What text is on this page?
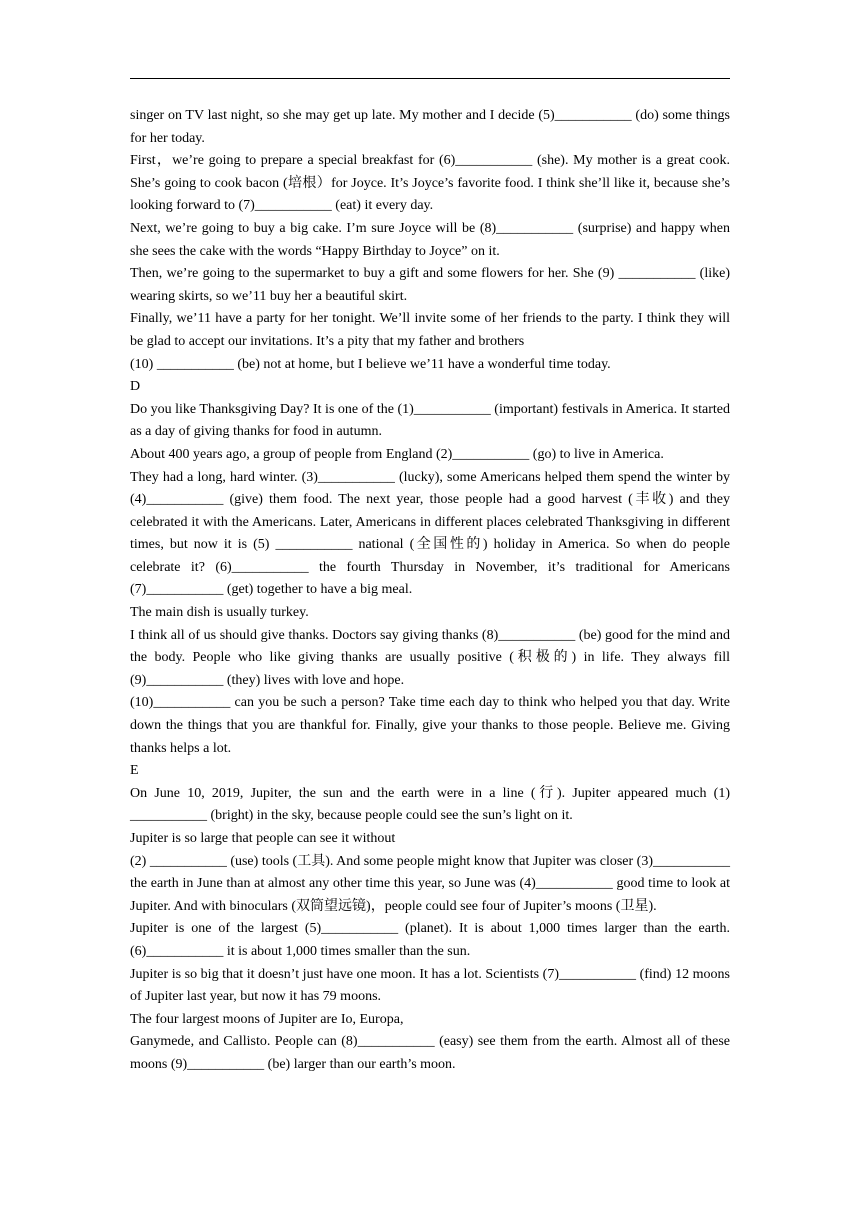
singer on TV last night, so she may get up late. My mother and I decide (5)___________ (do) some things for her today.

First，we’re going to prepare a special breakfast for (6)___________ (she). My mother is a great cook. She’s going to cook bacon (培根）for Joyce. It’s Joyce’s favorite food. I think she’ll like it, because she’s looking forward to (7)___________ (eat) it every day.

Next, we’re going to buy a big cake. I’m sure Joyce will be (8)___________ (surprise) and happy when she sees the cake with the words “Happy Birthday to Joyce” on it.

Then, we’re going to the supermarket to buy a gift and some flowers for her. She (9) ___________ (like) wearing skirts, so we’11 buy her a beautiful skirt.

Finally, we’11 have a party for her tonight. We’ll invite some of her friends to the party. I think they will be glad to accept our invitations. It’s a pity that my father and brothers

(10) ___________ (be) not at home, but I believe we’11 have a wonderful time today.

D

Do you like Thanksgiving Day? It is one of the (1)___________ (important) festivals in America. It started as a day of giving thanks for food in autumn.

About 400 years ago, a group of people from England (2)___________ (go) to live in America.

They had a long, hard winter. (3)___________ (lucky), some Americans helped them spend the winter by (4)___________ (give) them food. The next year, those people had a good harvest (丰收) and they celebrated it with the Americans. Later, Americans in different places celebrated Thanksgiving in different times, but now it is (5) ___________ national (全国性的) holiday in America. So when do people celebrate it? (6)___________ the fourth Thursday in November, it’s traditional for Americans (7)___________ (get) together to have a big meal.

The main dish is usually turkey.

I think all of us should give thanks. Doctors say giving thanks (8)___________ (be) good for the mind and the body. People who like giving thanks are usually positive (积极的) in life. They always fill (9)___________ (they) lives with love and hope.

(10)___________ can you be such a person? Take time each day to think who helped you that day. Write down the things that you are thankful for. Finally, give your thanks to those people. Believe me. Giving thanks helps a lot.

E

On June 10, 2019, Jupiter, the sun and the earth were in a line (行). Jupiter appeared much (1) ___________ (bright) in the sky, because people could see the sun’s light on it.

Jupiter is so large that people can see it without

(2) ___________ (use) tools (工具). And some people might know that Jupiter was closer (3)___________ the earth in June than at almost any other time this year, so June was (4)___________ good time to look at Jupiter. And with binoculars (双筒望远镜)，people could see four of Jupiter’s moons (卫星).

Jupiter is one of the largest (5)___________ (planet). It is about 1,000 times larger than the earth. (6)___________ it is about 1,000 times smaller than the sun.

Jupiter is so big that it doesn’t just have one moon. It has a lot. Scientists (7)___________ (find) 12 moons of Jupiter last year, but now it has 79 moons.

The four largest moons of Jupiter are Io, Europa,

Ganymede, and Callisto. People can (8)___________ (easy) see them from the earth. Almost all of these moons (9)___________ (be) larger than our earth’s moon.
